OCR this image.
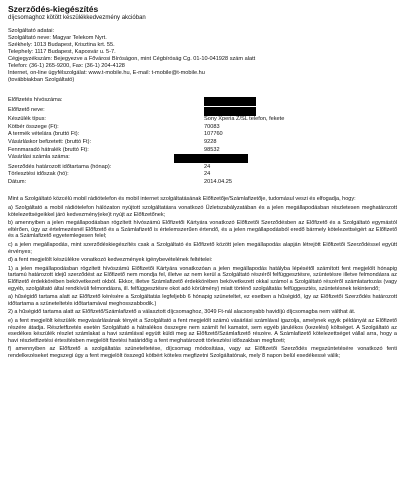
Szerződés-kiegészítés
díjcsomaghoz kötött készülékkedvezmény akcióban
Szolgáltató adatai:
Szolgáltató neve: Magyar Telekom Nyrt.
Székhely: 1013 Budapest, Krisztina krt. 55.
Telephely: 1117 Budapest, Kaposvár u. 5-7.
Cégjegyzékszám: Bejegyezve a Fővárosi Bíróságon, mint Cégbíróság Cg. 01-10-041928 szám alatt
Telefon: (36-1) 265-9200, Fax: (36-1) 204-4128
Internet, on-line ügyfélszolgálat: www.t-mobile.hu, E-mail: t-mobile@t-mobile.hu
(továbbiakban Szolgáltató)
Előfizetés hívószáma:	
Előfizető neve:	
Készülék típus:	Sony Xperia Z/SL telefon, fekete
Kötbér összege (Ft):	70083
A termék vételára (bruttó Ft):	107760
Vásárláskor befizetett: (bruttó Ft):	9228
Fennmaradó hátralék (bruttó Ft):	98532
Vásárlási számla száma:	
Szerződés határozott időtartama (hónap):	24
Törlesztési időszak (hó):	24
Dátum:	2014.04.25

Mint a Szolgáltató közcélú mobil rádiótelefon és mobil internet szolgáltatásának Előfizetője/Számlafizetője, tudomásul veszi és elfogadja, hogy:

a) Szolgáltató a mobil rádiótelefon hálózaton nyújtott szolgáltatásra vonatkozó Üzletszabályzatában és a jelen megállapodásban részletesen meghatározott kötelezettségeikkel járó kedvezmény(eke)t nyújt az Előfizetőnek;

b) amennyiben a jelen megállapodásban rögzített hívószámú Előfizetői Kártyára vonatkozó Előfizetői Szerződésben az Előfizető és a Szolgáltató egymástól eltérően, ügy az értelmezésnél Előfizető és a Számlafizető is értelemszerűen értendő, és a jelen megállapodásból eredő bármely kötelezettségért az Előfizető és a Számlafizető egyetemlegesen felel;

c) a jelen megállapodás, mint szerződéskiegészítés csak a Szolgáltató és Előfizető között jelen megállapodás alapján létrejött Előfizetői Szerződéssel együtt érvényes;

d) a fent megjelölt készülékre vonatkozó kedvezmények igénybevételének feltételei:

1) a jelen megállapodásban rögzített hívószámú Előfizetői Kártyára vonatkozóan a jelen megállapodás hatályba lépésétől számított fent megjelölt hónapig tartamú határozott idejű szerződést az Előfizető nem mondja fel, illetve az nem kerül a Szolgáltató részéről felfüggesztésre, szüntetésre illetve felmondásra az Előfizető érdekkörében bekövetkezett okból. Ekkor, illetve Számlafizető érdekkörében bekövetkezett okkal számol a Szolgáltató részéről számlatartozás (vagy egyéb, szolgáltató által rendkívüli felmondásra, ill. felfüggesztésre okot adó körülmény) miatt történő szolgáltatás felfüggesztés, szüntetésnek tekintendő;

a) hűségidő tartama alatt az Előfizető kérésére a Szolgáltatás legfeljebb 6 hónapig szüneteltet, ez esetben a hűségidő, így az Előfizetői Szerződés határozott időtartama a szüneteltetés időtartamával meghosszabbodik.)

2) a hűségidő tartama alatt az Előfizető/Számlafizető a választott díjcsomaghoz, 3049 Ft-nál alacsonyabb havidíjú díjcsomagba nem válthat át.

e) a fent megjelölt készülék megvásárlásának tényét a Szolgáltató a fent megjelölt számú vásárlási számlával igazolja, amelynek egyik példányát az Előfizető részére átadja. Részletfizetés esetén Szolgáltató a hátralékos összegre nem számít fel kamatot, sem egyéb járulékos (kezelési) költséget. A Szolgáltató az esedékes készülék részlet számlakat a havi számlával együtt küldi meg az Előfizető/Számlafizető részére. A Számlafizető kötelezettséget vállal arra, hogy a havi részletfizetési értesítésben megjelölt fizetési határidőig a fent meghatározott törlesztési időszakban megfizeti;

f) amennyiben az Előfizető a szolgáltatás szüneteltetése, díjcsomag módosítása, vagy az Előfizetői Szerződés megszüntetésére vonatkozó fenti rendelkezéseket megszegi úgy a fent megjelölt összegű kötbért köteles megfizetni Szolgáltatónak, mely 8 napon belül esedékessé válik;
